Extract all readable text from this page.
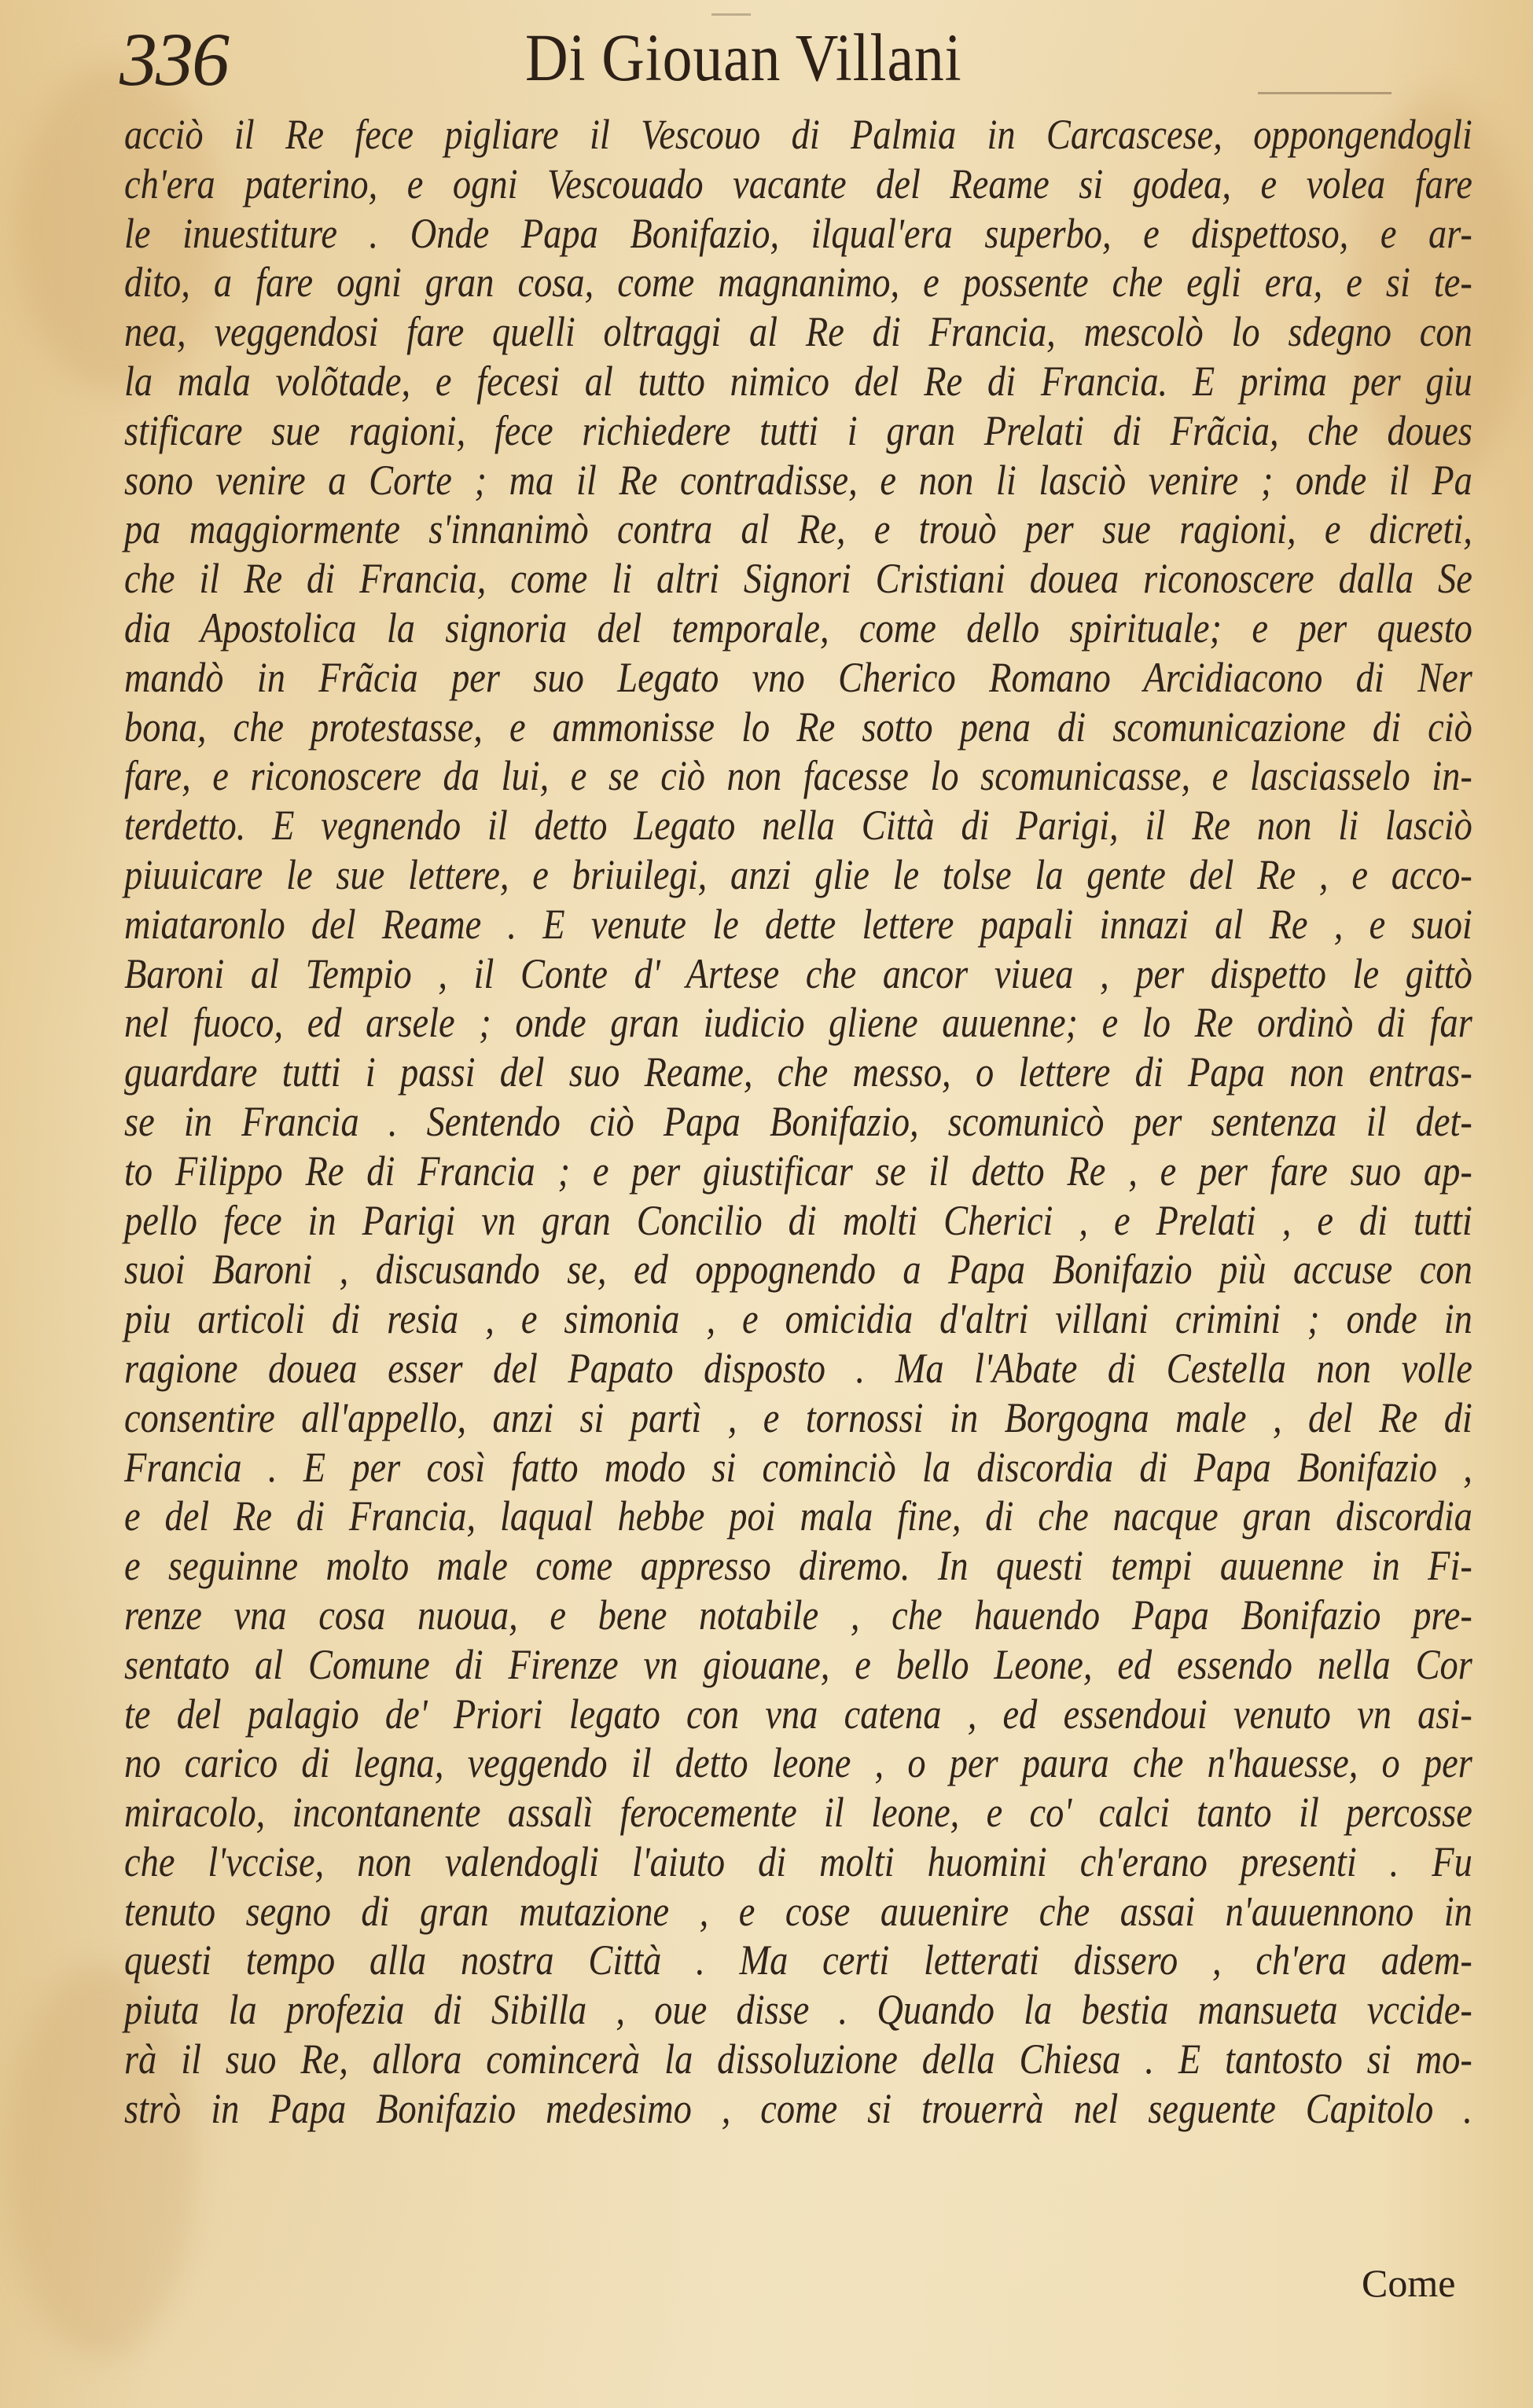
336	Di Giouan Villani
acciò il Re fece pigliare il Vescouo di Palmia in Carcascese, oppongendogli
ch'era paterino, e ogni Vescouado vacante del Reame si godea, e volea fare
le inuestiture . Onde Papa Bonifazio, ilqual'era superbo, e dispettoso, e ar-
dito, a fare ogni gran cosa, come magnanimo, e possente che egli era, e si te-
nea, veggendosi fare quelli oltraggi al Re di Francia, mescolò lo sdegno con
la mala volõtade, e fecesi al tutto nimico del Re di Francia. E prima per giu
stificare sue ragioni, fece richiedere tutti i gran Prelati di Frãcia, che doues
sono venire a Corte ; ma il Re contradisse, e non li lasciò venire ; onde il Pa
pa maggiormente s'innanimò contra al Re, e trouò per sue ragioni, e dicreti,
che il Re di Francia, come li altri Signori Cristiani douea riconoscere dalla Se
dia Apostolica la signoria del temporale, come dello spirituale; e per questo
mandò in Frãcia per suo Legato vno Cherico Romano Arcidiacono di Ner
bona, che protestasse, e ammonisse lo Re sotto pena di scomunicazione di ciò
fare, e riconoscere da lui, e se ciò non facesse lo scomunicasse, e lasciasselo in-
terdetto. E vegnendo il detto Legato nella Città di Parigi, il Re non li lasciò
piuuicare le sue lettere, e briuilegi, anzi glie le tolse la gente del Re , e acco-
miataronlo del Reame . E venute le dette lettere papali innazi al Re , e suoi
Baroni al Tempio , il Conte d' Artese che ancor viuea , per dispetto le gittò
nel fuoco, ed arsele ; onde gran iudicio gliene auuenne; e lo Re ordinò di far
guardare tutti i passi del suo Reame, che messo, o lettere di Papa non entras-
se in Francia . Sentendo ciò Papa Bonifazio, scomunicò per sentenza il det-
to Filippo Re di Francia ; e per giustificar se il detto Re , e per fare suo ap-
pello fece in Parigi vn gran Concilio di molti Cherici , e Prelati , e di tutti
suoi Baroni , discusando se, ed oppognendo a Papa Bonifazio più accuse con
piu articoli di resia , e simonia , e omicidia d'altri villani crimini ; onde in
ragione douea esser del Papato disposto . Ma l'Abate di Cestella non volle
consentire all'appello, anzi si partì , e tornossi in Borgogna male , del Re di
Francia . E per così fatto modo si cominciò la discordia di Papa Bonifazio ,
e del Re di Francia, laqual hebbe poi mala fine, di che nacque gran discordia
e seguinne molto male come appresso diremo. In questi tempi auuenne in Fi-
renze vna cosa nuoua, e bene notabile , che hauendo Papa Bonifazio pre-
sentato al Comune di Firenze vn giouane, e bello Leone, ed essendo nella Cor
te del palagio de' Priori legato con vna catena , ed essendoui venuto vn asi-
no carico di legna, veggendo il detto leone , o per paura che n'hauesse, o per
miracolo, incontanente assalì ferocemente il leone, e co' calci tanto il percosse
che l'vccise, non valendogli l'aiuto di molti huomini ch'erano presenti . Fu
tenuto segno di gran mutazione , e cose auuenire che assai n'auuennono in
questi tempo alla nostra Città . Ma certi letterati dissero , ch'era adem-
piuta la profezia di Sibilla , oue disse . Quando la bestia mansueta vccide-
rà il suo Re, allora comincerà la dissoluzione della Chiesa . E tantosto si mo-
strò in Papa Bonifazio medesimo , come si trouerrà nel seguente Capitolo .
Come
